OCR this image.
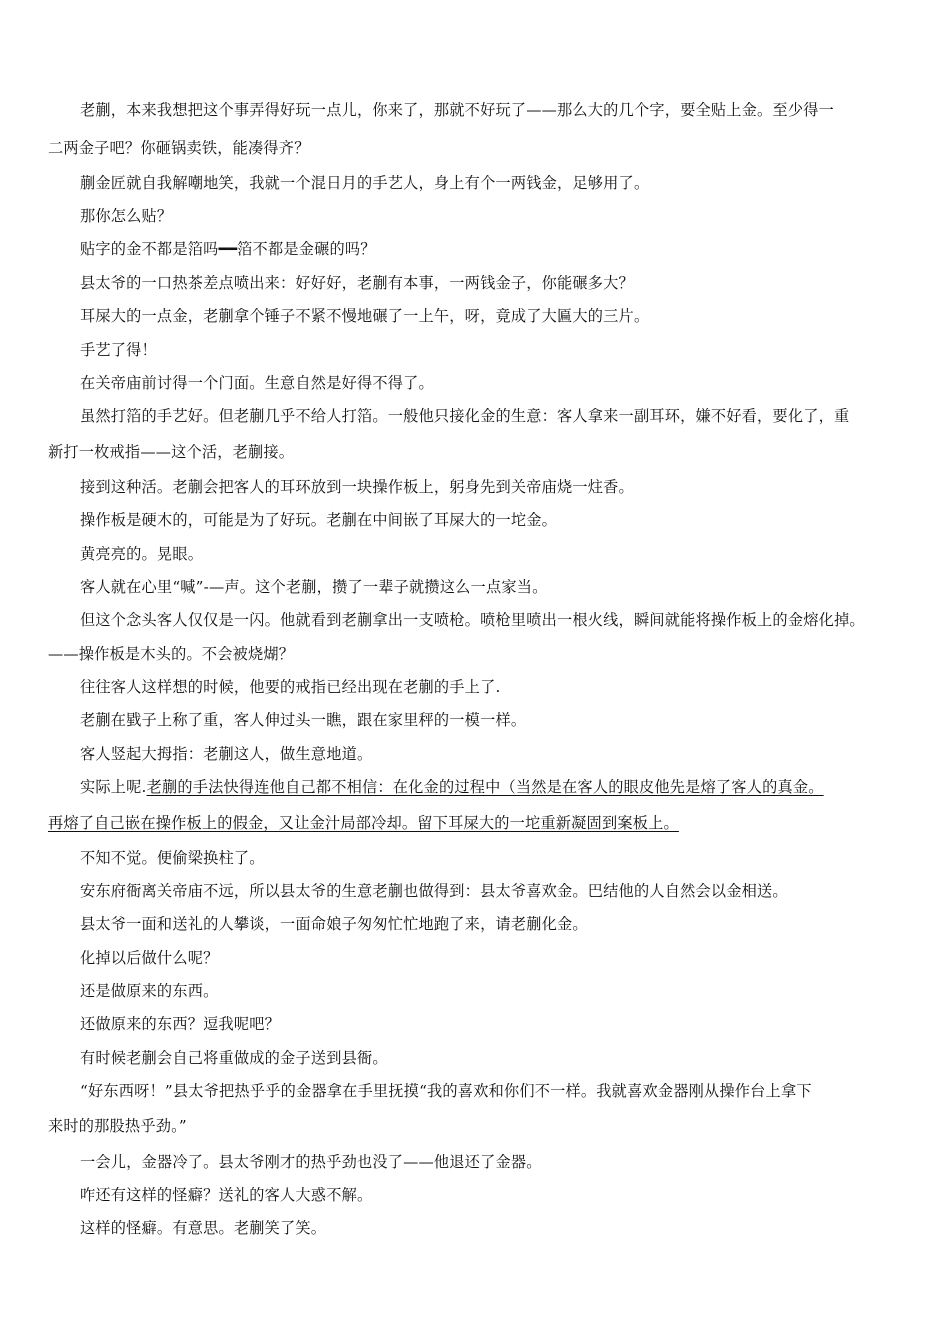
老蒯，本来我想把这个事弄得好玩一点儿，你来了，那就不好玩了——那么大的几个字，要全贴上金。至少得一
二两金子吧？你砸锅卖铁，能凑得齐？
蒯金匠就自我解嘲地笑，我就一个混日月的手艺人，身上有个一两钱金，足够用了。
那你怎么贴？
贴字的金不都是箔吗━━箔不都是金碾的吗？
县太爷的一口热茶差点喷出来：好好好，老蒯有本事，一两钱金子，你能碾多大？
耳屎大的一点金，老蒯拿个锤子不紧不慢地碾了一上午，呀，竟成了大匾大的三片。
手艺了得！
在关帝庙前讨得一个门面。生意自然是好得不得了。
虽然打箔的手艺好。但老蒯几乎不给人打箔。一般他只接化金的生意：客人拿来一副耳环，嫌不好看，要化了，重
新打一枚戒指——这个活，老蒯接。
接到这种活。老蒯会把客人的耳环放到一块操作板上，躬身先到关帝庙烧一炷香。
操作板是硬木的，可能是为了好玩。老蒯在中间嵌了耳屎大的一坨金。
黄亮亮的。晃眼。
客人就在心里“喊”-—声。这个老蒯，攒了一辈子就攒这么一点家当。
但这个念头客人仅仅是一闪。他就看到老蒯拿出一支喷枪。喷枪里喷出一根火线，瞬间就能将操作板上的金熔化掉。
——操作板是木头的。不会被烧煳？
往往客人这样想的时候，他要的戒指已经出现在老蒯的手上了.
老蒯在戥子上称了重，客人伸过头一瞧，跟在家里秤的一模一样。
客人竖起大拇指：老蒯这人，做生意地道。
实际上呢.老蒯的手法快得连他自己都不相信：在化金的过程中（当然是在客人的眼皮他先是熔了客人的真金。
再熔了自己嵌在操作板上的假金，又让金汁局部冷却。留下耳屎大的一坨重新凝固到案板上。
不知不觉。便偷梁换柱了。
安东府衙离关帝庙不远，所以县太爷的生意老蒯也做得到：县太爷喜欢金。巴结他的人自然会以金相送。
县太爷一面和送礼的人攀谈，一面命娘子匆匆忙忙地跑了来，请老蒯化金。
化掉以后做什么呢？
还是做原来的东西。
还做原来的东西？逗我呢吧？
有时候老蒯会自己将重做成的金子送到县衙。
“好东西呀！”县太爷把热乎乎的金器拿在手里抚摸“我的喜欢和你们不一样。我就喜欢金器刚从操作台上拿下
来时的那股热乎劲。”
一会儿，金器冷了。县太爷刚才的热乎劲也没了——他退还了金器。
咋还有这样的怪癖？送礼的客人大惑不解。
这样的怪癖。有意思。老蒯笑了笑。
